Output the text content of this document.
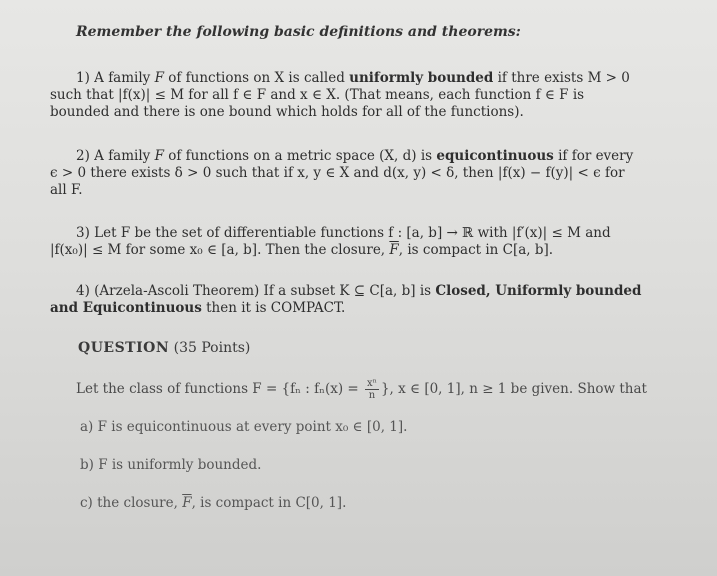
Remember the following basic definitions and theorems:

1) A family F of functions on X is called uniformly bounded if thre exists M > 0

such that |f(x)| ≤ M for all f ∈ F and x ∈ X. (That means, each function f ∈ F is

bounded and there is one bound which holds for all of the functions).

2) A family F of functions on a metric space (X, d) is equicontinuous if for every

ϵ > 0 there exists δ > 0 such that if x, y ∈ X and d(x, y) < δ, then |f(x) − f(y)| < ϵ for

all F.

3) Let F be the set of differentiable functions f : [a, b] → ℝ with |f′(x)| ≤ M and

|f(x₀)| ≤ M for some x₀ ∈ [a, b]. Then the closure, $\overline{F}$, is compact in C[a, b].

4) (Arzela-Ascoli Theorem) If a subset K ⊆ C[a, b] is Closed, Uniformly bounded

and Equicontinuous then it is COMPACT.

QUESTION (35 Points)
Let the class of functions F = {fₙ : $f_n(x) = \frac{\text{xⁿ}}{n}$ }, x ∈ [0, 1], n ≥ 1 be given. Show that
a) F is equicontinuous at every point x₀ ∈ [0, 1].
b) F is uniformly bounded.
c) the closure, $\overline{F}$, is compact in C[0, 1].
